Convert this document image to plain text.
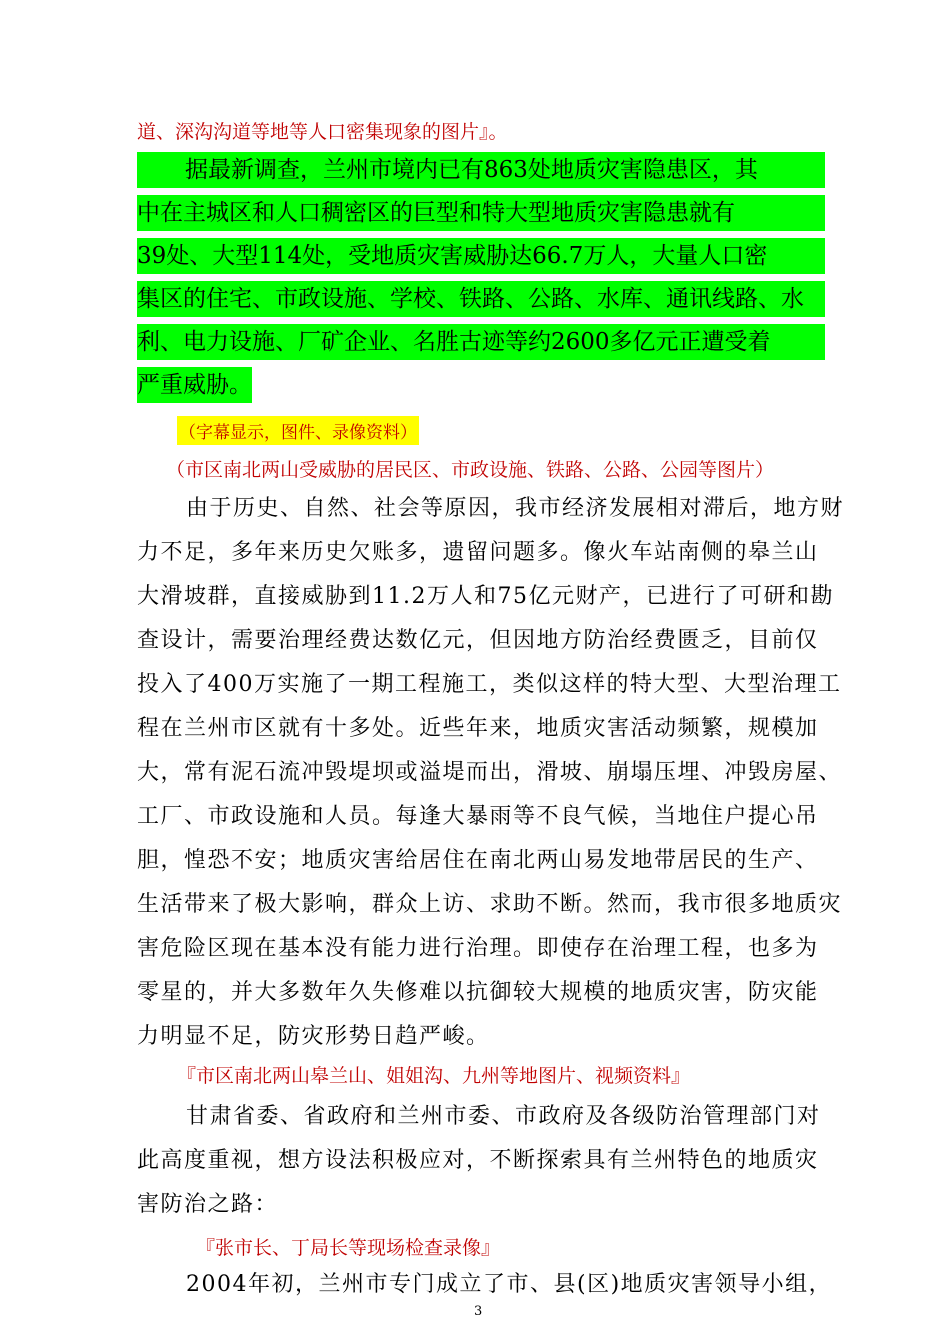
道、深沟沟道等地等人口密集现象的图片』。
据最新调查，兰州市境内已有863处地质灾害隐患区，其
中在主城区和人口稠密区的巨型和特大型地质灾害隐患就有
39处、大型114处，受地质灾害威胁达66.7万人，大量人口密
集区的住宅、市政设施、学校、铁路、公路、水库、通讯线路、水
利、电力设施、厂矿企业、名胜古迹等约2600多亿元正遭受着
严重威胁。
（字幕显示，图件、录像资料）
（市区南北两山受威胁的居民区、市政设施、铁路、公路、公园等图片）
由于历史、自然、社会等原因，我市经济发展相对滞后，地方财
力不足，多年来历史欠账多，遗留问题多。像火车站南侧的皋兰山
大滑坡群，直接威胁到11.2万人和75亿元财产，已进行了可研和勘
查设计，需要治理经费达数亿元，但因地方防治经费匮乏，目前仅
投入了400万实施了一期工程施工，类似这样的特大型、大型治理工
程在兰州市区就有十多处。近些年来，地质灾害活动频繁，规模加
大，常有泥石流冲毁堤坝或溢堤而出，滑坡、崩塌压埋、冲毁房屋、
工厂、市政设施和人员。每逢大暴雨等不良气候，当地住户提心吊
胆，惶恐不安；地质灾害给居住在南北两山易发地带居民的生产、
生活带来了极大影响，群众上访、求助不断。然而，我市很多地质灾
害危险区现在基本没有能力进行治理。即使存在治理工程，也多为
零星的，并大多数年久失修难以抗御较大规模的地质灾害，防灾能
力明显不足，防灾形势日趋严峻。
『市区南北两山皋兰山、姐姐沟、九州等地图片、视频资料』
甘肃省委、省政府和兰州市委、市政府及各级防治管理部门对
此高度重视，想方设法积极应对，不断探索具有兰州特色的地质灾
害防治之路：
『张市长、丁局长等现场检查录像』
2004年初，兰州市专门成立了市、县(区)地质灾害领导小组，
3
